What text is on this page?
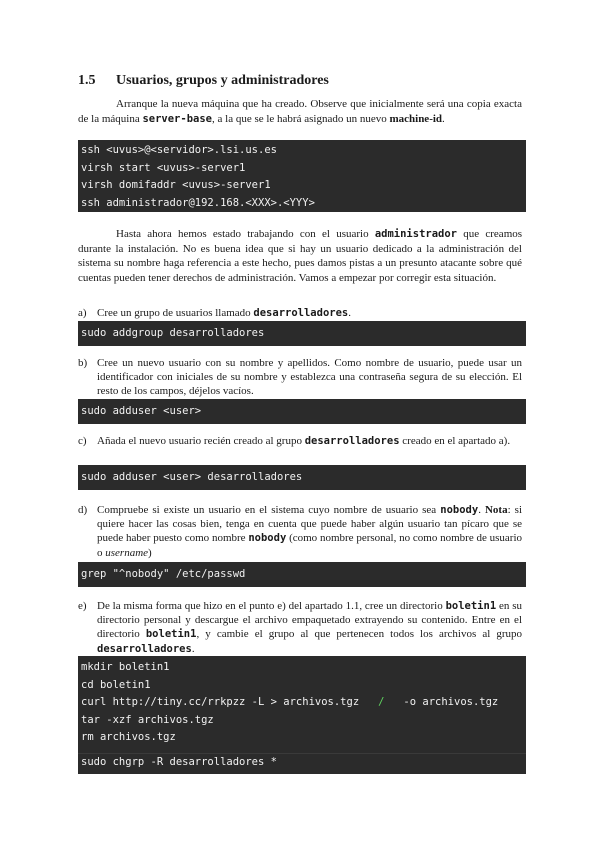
1.5 Usuarios, grupos y administradores
Arranque la nueva máquina que ha creado. Observe que inicialmente será una copia exacta de la máquina server-base, a la que se le habrá asignado un nuevo machine-id.
ssh <uvus>@<servidor>.lsi.us.es
virsh start <uvus>-server1
virsh domifaddr <uvus>-server1
ssh administrador@192.168.<XXX>.<YYY>
Hasta ahora hemos estado trabajando con el usuario administrador que creamos durante la instalación. No es buena idea que si hay un usuario dedicado a la administración del sistema su nombre haga referencia a este hecho, pues damos pistas a un presunto atacante sobre qué cuentas pueden tener derechos de administración. Vamos a empezar por corregir esta situación.
a) Cree un grupo de usuarios llamado desarrolladores.
sudo addgroup desarrolladores
b) Cree un nuevo usuario con su nombre y apellidos. Como nombre de usuario, puede usar un identificador con iniciales de su nombre y establezca una contraseña segura de su elección. El resto de los campos, déjelos vacíos.
sudo adduser <user>
c) Añada el nuevo usuario recién creado al grupo desarrolladores creado en el apartado a).
sudo adduser <user> desarrolladores
d) Compruebe si existe un usuario en el sistema cuyo nombre de usuario sea nobody. Nota: si quiere hacer las cosas bien, tenga en cuenta que puede haber algún usuario tan pícaro que se puede haber puesto como nombre nobody (como nombre personal, no como nombre de usuario o username)
grep "^nobody" /etc/passwd
e) De la misma forma que hizo en el punto e) del apartado 1.1, cree un directorio boletin1 en su directorio personal y descargue el archivo empaquetado extrayendo su contenido. Entre en el directorio boletin1, y cambie el grupo al que pertenecen todos los archivos al grupo desarrolladores.
mkdir boletin1
cd boletin1
curl http://tiny.cc/rrkpzz -L > archivos.tgz / -o archivos.tgz
tar -xzf archivos.tgz
rm archivos.tgz
sudo chgrp -R desarrolladores *
